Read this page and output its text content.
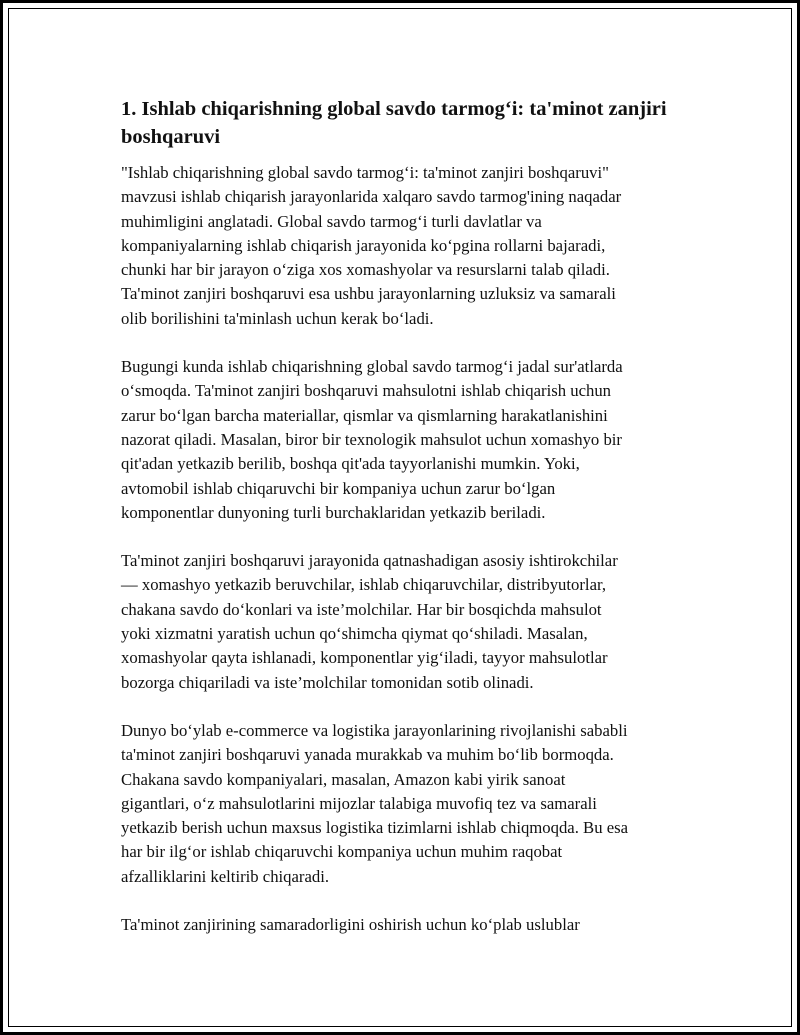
1. Ishlab chiqarishning global savdo tarmog‘i: ta'minot zanjiri
boshqaruvi

"Ishlab chiqarishning global savdo tarmog‘i: ta'minot zanjiri boshqaruvi"
mavzusi ishlab chiqarish jarayonlarida xalqaro savdo tarmog'ining naqadar
muhimligini anglatadi. Global savdo tarmog‘i turli davlatlar va
kompaniyalarning ishlab chiqarish jarayonida ko‘pgina rollarni bajaradi,
chunki har bir jarayon o‘ziga xos xomashyolar va resurslarni talab qiladi.
Ta'minot zanjiri boshqaruvi esa ushbu jarayonlarning uzluksiz va samarali
olib borilishini ta'minlash uchun kerak bo‘ladi.

Bugungi kunda ishlab chiqarishning global savdo tarmog‘i jadal sur'atlarda
o‘smoqda. Ta'minot zanjiri boshqaruvi mahsulotni ishlab chiqarish uchun
zarur bo‘lgan barcha materiallar, qismlar va qismlarning harakatlanishini
nazorat qiladi. Masalan, biror bir texnologik mahsulot uchun xomashyo bir
qit'adan yetkazib berilib, boshqa qit'ada tayyorlanishi mumkin. Yoki,
avtomobil ishlab chiqaruvchi bir kompaniya uchun zarur bo‘lgan
komponentlar dunyoning turli burchaklaridan yetkazib beriladi.

Ta'minot zanjiri boshqaruvi jarayonida qatnashadigan asosiy ishtirokchilar
— xomashyo yetkazib beruvchilar, ishlab chiqaruvchilar, distribyutorlar,
chakana savdo do‘konlari va iste’molchilar. Har bir bosqichda mahsulot
yoki xizmatni yaratish uchun qo‘shimcha qiymat qo‘shiladi. Masalan,
xomashyolar qayta ishlanadi, komponentlar yig‘iladi, tayyor mahsulotlar
bozorga chiqariladi va iste’molchilar tomonidan sotib olinadi.

Dunyo bo‘ylab e-commerce va logistika jarayonlarining rivojlanishi sababli
ta'minot zanjiri boshqaruvi yanada murakkab va muhim bo‘lib bormoqda.
Chakana savdo kompaniyalari, masalan, Amazon kabi yirik sanoat
gigantlari, o‘z mahsulotlarini mijozlar talabiga muvofiq tez va samarali
yetkazib berish uchun maxsus logistika tizimlarni ishlab chiqmoqda. Bu esa
har bir ilg‘or ishlab chiqaruvchi kompaniya uchun muhim raqobat
afzalliklarini keltirib chiqaradi.

Ta'minot zanjirining samaradorligini oshirish uchun ko‘plab uslublar
